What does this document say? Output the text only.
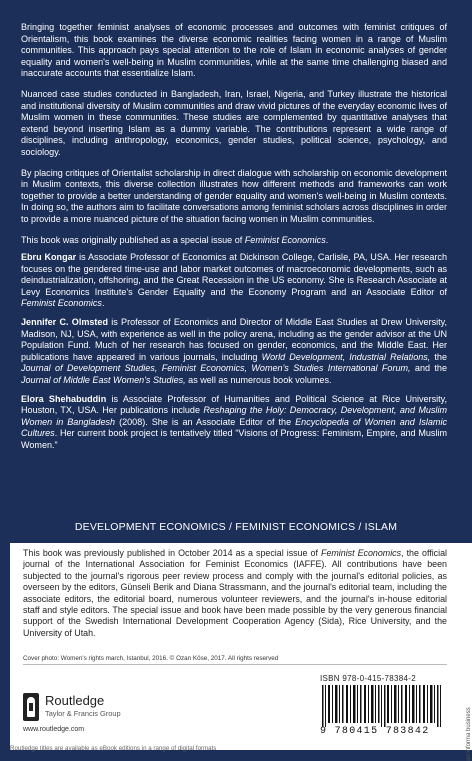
Bringing together feminist analyses of economic processes and outcomes with feminist critiques of Orientalism, this book examines the diverse economic realities facing women in a range of Muslim communities. This approach pays special attention to the role of Islam in economic analyses of gender equality and women's well-being in Muslim communities, while at the same time challenging biased and inaccurate accounts that essentialize Islam.

Nuanced case studies conducted in Bangladesh, Iran, Israel, Nigeria, and Turkey illustrate the historical and institutional diversity of Muslim communities and draw vivid pictures of the everyday economic lives of Muslim women in these communities. These studies are complemented by quantitative analyses that extend beyond inserting Islam as a dummy variable. The contributions represent a wide range of disciplines, including anthropology, economics, gender studies, political science, psychology, and sociology.

By placing critiques of Orientalist scholarship in direct dialogue with scholarship on economic development in Muslim contexts, this diverse collection illustrates how different methods and frameworks can work together to provide a better understanding of gender equality and women's well-being in Muslim contexts. In doing so, the authors aim to facilitate conversations among feminist scholars across disciplines in order to provide a more nuanced picture of the situation facing women in Muslim communities.

This book was originally published as a special issue of Feminist Economics.

Ebru Kongar is Associate Professor of Economics at Dickinson College, Carlisle, PA, USA. Her research focuses on the gendered time-use and labor market outcomes of macroeconomic developments, such as deindustrialization, offshoring, and the Great Recession in the US economy. She is Research Associate at Levy Economics Institute's Gender Equality and the Economy Program and an Associate Editor of Feminist Economics.

Jennifer C. Olmsted is Professor of Economics and Director of Middle East Studies at Drew University, Madison, NJ, USA, with experience as well in the policy arena, including as the gender advisor at the UN Population Fund. Much of her research has focused on gender, economics, and the Middle East. Her publications have appeared in various journals, including World Development, Industrial Relations, the Journal of Development Studies, Feminist Economics, Women's Studies International Forum, and the Journal of Middle East Women's Studies, as well as numerous book volumes.

Elora Shehabuddin is Associate Professor of Humanities and Political Science at Rice University, Houston, TX, USA. Her publications include Reshaping the Holy: Democracy, Development, and Muslim Women in Bangladesh (2008). She is an Associate Editor of the Encyclopedia of Women and Islamic Cultures. Her current book project is tentatively titled “Visions of Progress: Feminism, Empire, and Muslim Women.”

DEVELOPMENT ECONOMICS / FEMINIST ECONOMICS / ISLAM
This book was previously published in October 2014 as a special issue of Feminist Economics, the official journal of the International Association for Feminist Economics (IAFFE). All contributions have been subjected to the journal's rigorous peer review process and comply with the journal's editorial policies, as overseen by the editors, Günseli Berik and Diana Strassmann, and the journal's editorial team, including the associate editors, the editorial board, numerous volunteer reviewers, and the journal's in-house editorial staff and style editors. The special issue and book have been made possible by the very generous financial support of the Swedish International Development Cooperation Agency (Sida), Rice University, and the University of Utah.
Cover photo: Women's rights march, Istanbul, 2016. © Ozan Köse, 2017. All rights reserved
Routledge
Taylor & Francis Group
www.routledge.com
ISBN 978-0-415-78384-2
9 780415 783842
Routledge titles are available as eBook editions in a range of digital formats	an informa business
